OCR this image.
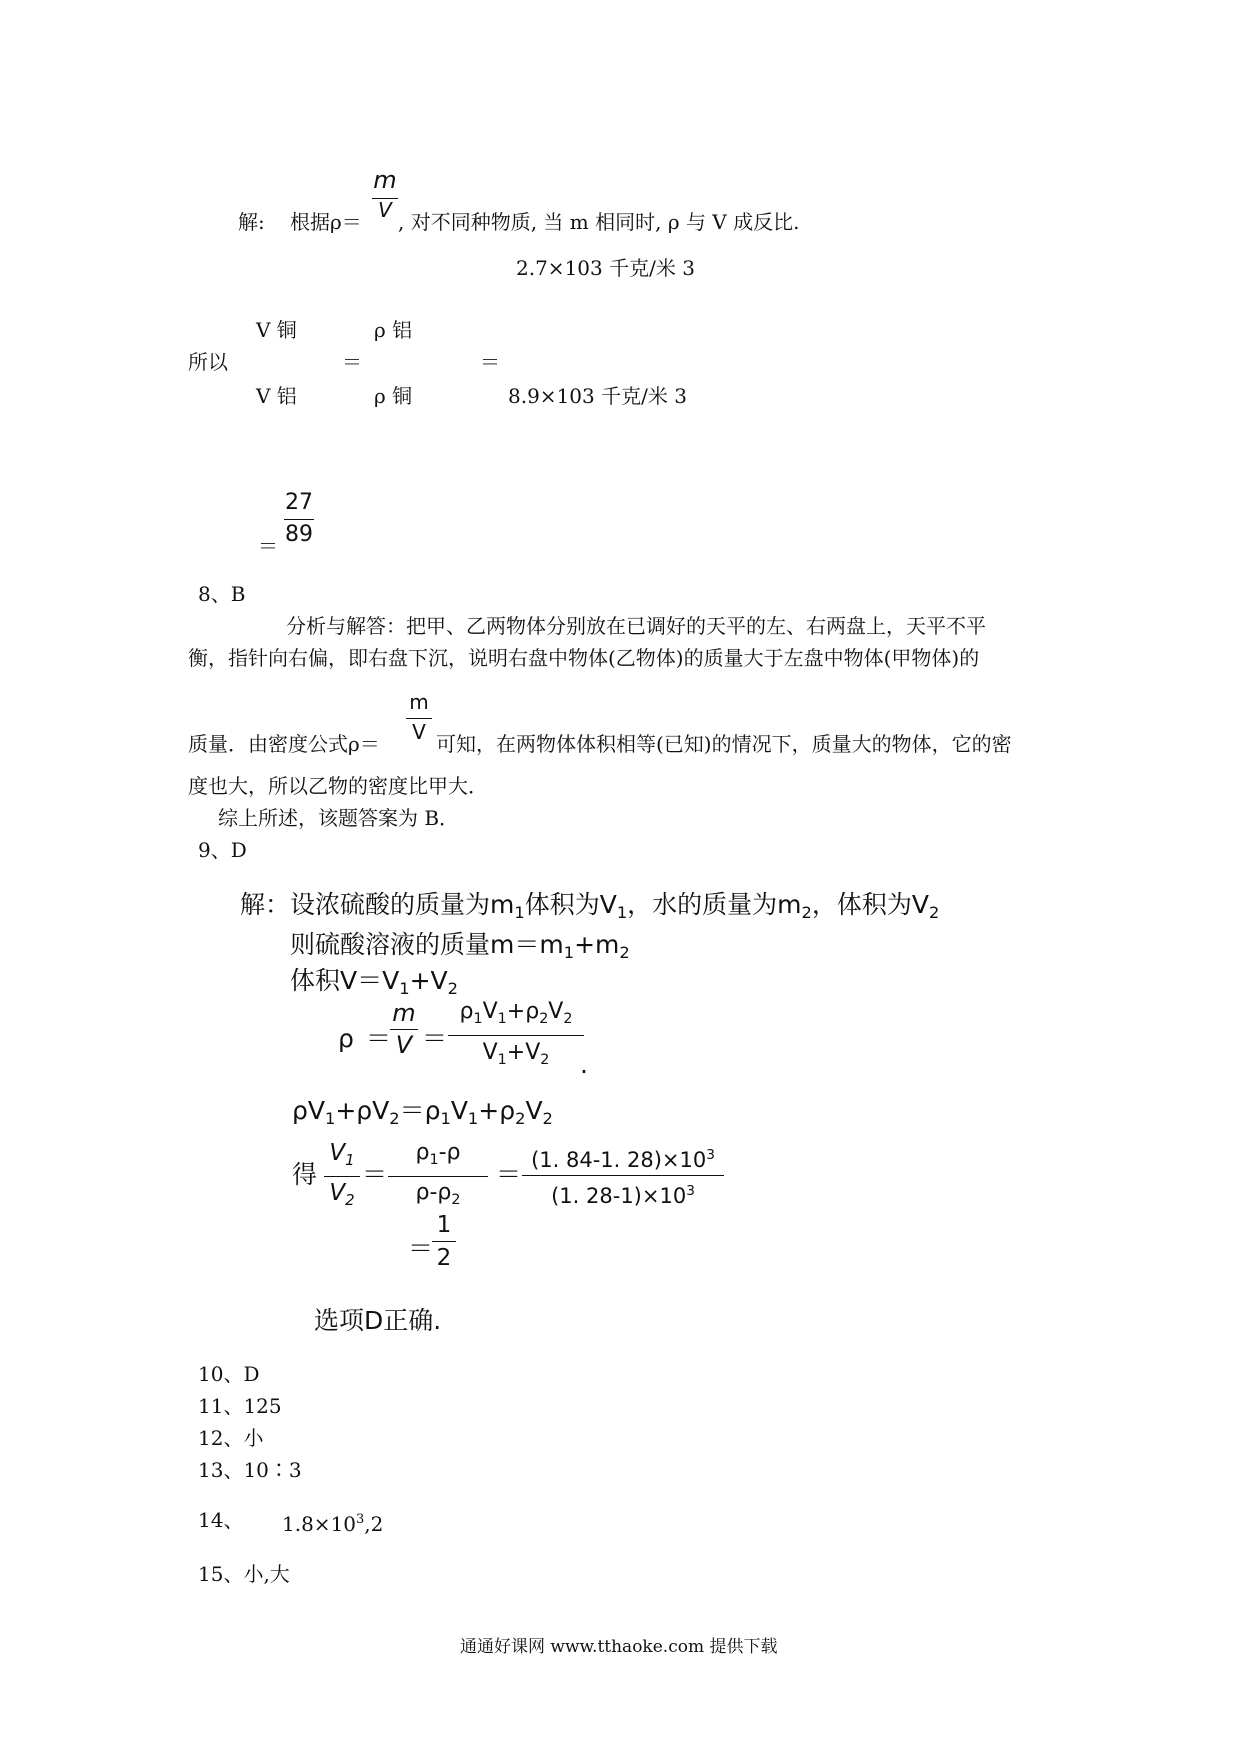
解: 根据ρ＝
m
V , 对不同种物质, 当 m 相同时, ρ 与 V 成反比.
2.7×103 千克/米 3
V 铜	ρ 铝
所以	＝	＝
V 铝	ρ 铜	8.9×103 千克/米 3
＝
27
89
8、B
分析与解答：把甲、乙两物体分别放在已调好的天平的左、右两盘上，天平不平
衡，指针向右偏，即右盘下沉，说明右盘中物体(乙物体)的质量大于左盘中物体(甲物体)的
质量．由密度公式ρ＝
m
V 可知，在两物体体积相等(已知)的情况下，质量大的物体，它的密
度也大，所以乙物的密度比甲大．
综上所述，该题答案为 B．
9、D
解：设浓硫酸的质量为$m_1$体积为$V_1$，水的质量为$m_2$，体积为$V_2$
则硫酸溶液的质量$m=m_1+m_2$
体积$V=V_1+V_2$
ρ ＝
m
V ＝
$\rho_1V_1+\rho_2V_2$
$V_1+V_2$	.
$\rho V_1+\rho V_2=\rho_1V_1+\rho_2V_2$
得
$V_1$
$V_2$
＝
$\rho_1-\rho$
$\rho-\rho_2$
＝ (1. 84-1. $28)\times 10^3$
(1. $28-1)\times 10^3$
＝
1
2
选项D正确.
10、D
11、125
12、小
13、10∶3
14、 $1.8\times 10^3,2$
15、小,大
通通好课网 www.tthaoke.com 提供下载
